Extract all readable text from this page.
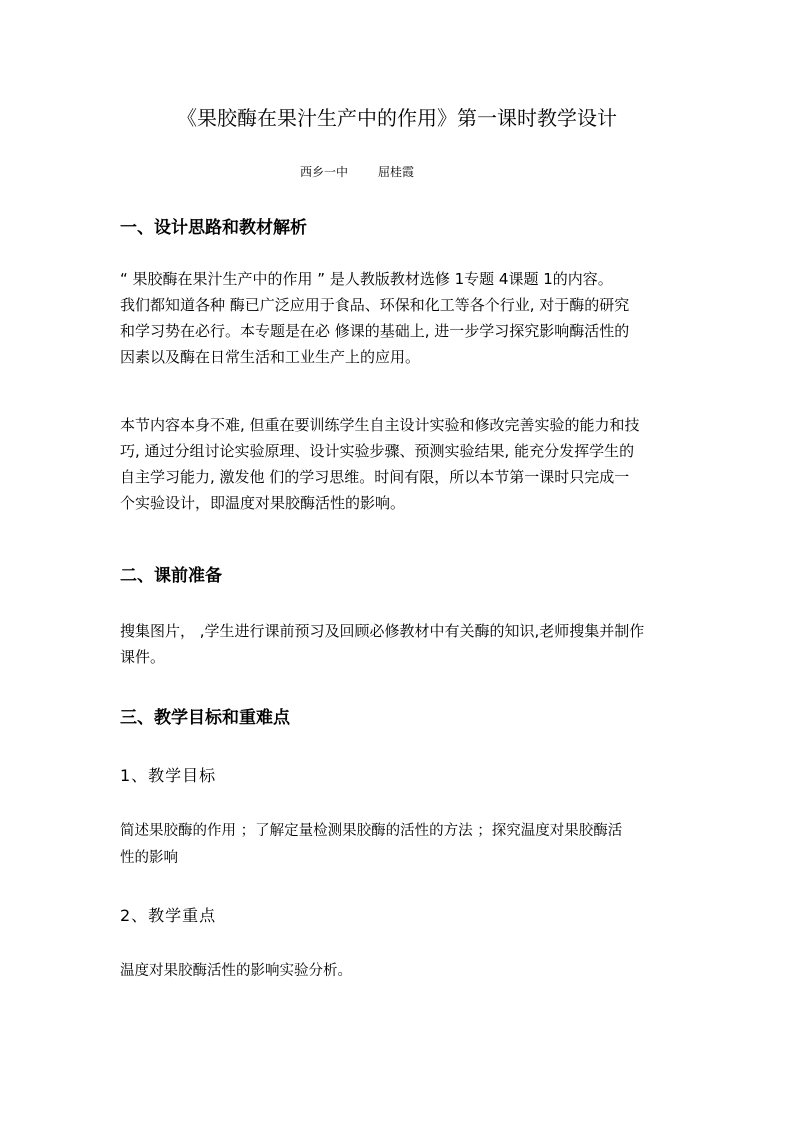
《果胶酶在果汁生产中的作用》第一课时教学设计
西乡一中	屈桂霞
一、设计思路和教材解析
“ 果胶酶在果汁生产中的作用 ” 是人教版教材选修 1专题 4课题 1的内容。
我们都知道各种 酶已广泛应用于食品、环保和化工等各个行业, 对于酶的研究
和学习势在必行。本专题是在必 修课的基础上, 进一步学习探究影响酶活性的
因素以及酶在日常生活和工业生产上的应用。
本节内容本身不难, 但重在要训练学生自主设计实验和修改完善实验的能力和技
巧, 通过分组讨论实验原理、设计实验步骤、预测实验结果, 能充分发挥学生的
自主学习能力, 激发他 们的学习思维。时间有限，所以本节第一课时只完成一
个实验设计，即温度对果胶酶活性的影响。
二、课前准备
搜集图片， ,学生进行课前预习及回顾必修教材中有关酶的知识,老师搜集并制作
课件。
三、教学目标和重难点
1、教学目标
简述果胶酶的作用 ；了解定量检测果胶酶的活性的方法 ；探究温度对果胶酶活
性的影响
2、教学重点
温度对果胶酶活性的影响实验分析。
